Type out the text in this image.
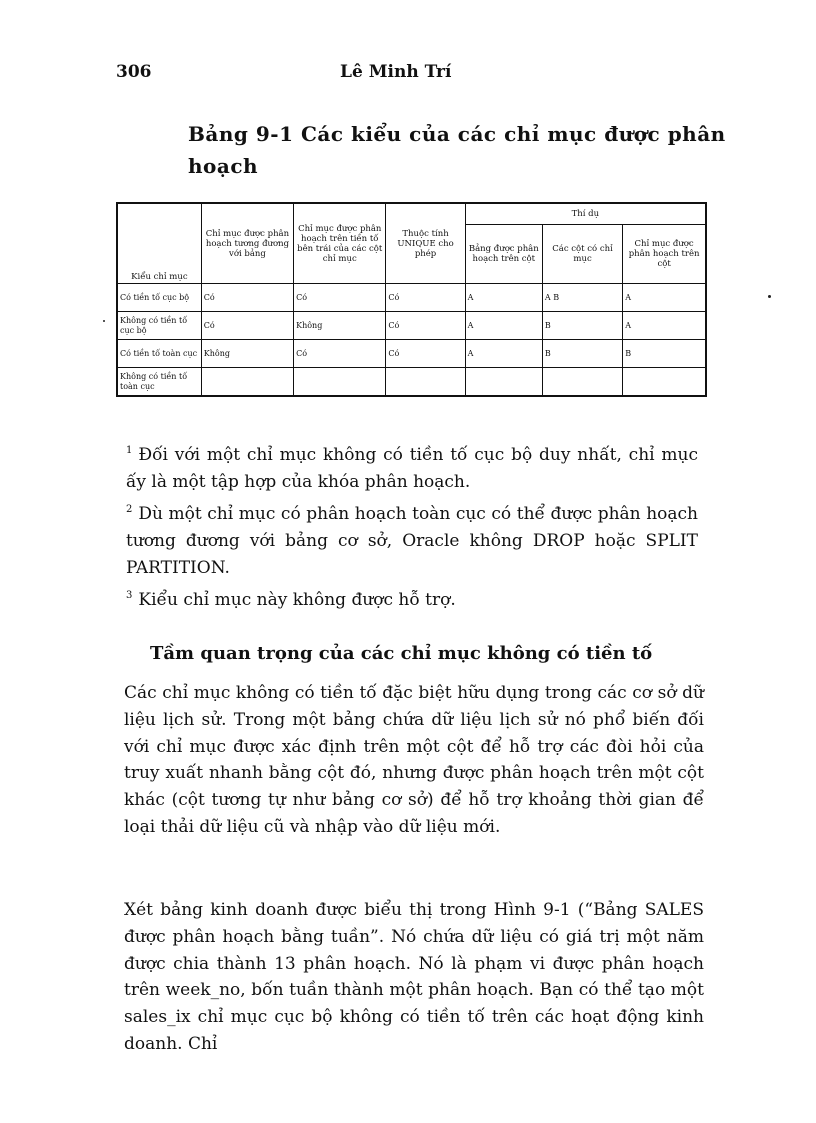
306	Lê Minh Trí
Bảng 9-1 Các kiểu của các chỉ mục được phân hoạch
Kiểu chỉ mục	Chỉ mục được phân hoạch tương đương với bảng	Chỉ mục được phân hoạch trên tiền tố bên trái của các cột chỉ mục	Thuộc tính UNIQUE cho phép	Thí dụ		
				Bảng được phân hoạch trên cột	Các cột có chỉ mục	Chỉ mục được phân hoạch trên cột
Có tiền tố cục bộ	Có	Có	Có	A	A B	A
Không có tiền tố cục bộ	Có	Không	Có	A	B	A
Có tiền tố toàn cục	Không	Có	Có	A	B	B
Không có tiền tố toàn cục						

$^1$ Đối với một chỉ mục không có tiền tố cục bộ duy nhất, chỉ mục ấy là một tập hợp của khóa phân hoạch.

$^2$ Dù một chỉ mục có phân hoạch toàn cục có thể được phân hoạch tương đương với bảng cơ sở, Oracle không DROP hoặc SPLIT PARTITION.

$^3$ Kiểu chỉ mục này không được hỗ trợ.

Tầm quan trọng của các chỉ mục không có tiền tố

Các chỉ mục không có tiền tố đặc biệt hữu dụng trong các cơ sở dữ liệu lịch sử. Trong một bảng chứa dữ liệu lịch sử nó phổ biến đối với chỉ mục được xác định trên một cột để hỗ trợ các đòi hỏi của truy xuất nhanh bằng cột đó, nhưng được phân hoạch trên một cột khác (cột tương tự như bảng cơ sở) để hỗ trợ khoảng thời gian để loại thải dữ liệu cũ và nhập vào dữ liệu mới.

Xét bảng kinh doanh được biểu thị trong Hình 9-1 (“Bảng SALES được phân hoạch bằng tuần”. Nó chứa dữ liệu có giá trị một năm được chia thành 13 phân hoạch. Nó là phạm vi được phân hoạch trên week_no, bốn tuần thành một phân hoạch. Bạn có thể tạo một sales_ix chỉ mục cục bộ không có tiền tố trên các hoạt động kinh doanh. Chỉ
